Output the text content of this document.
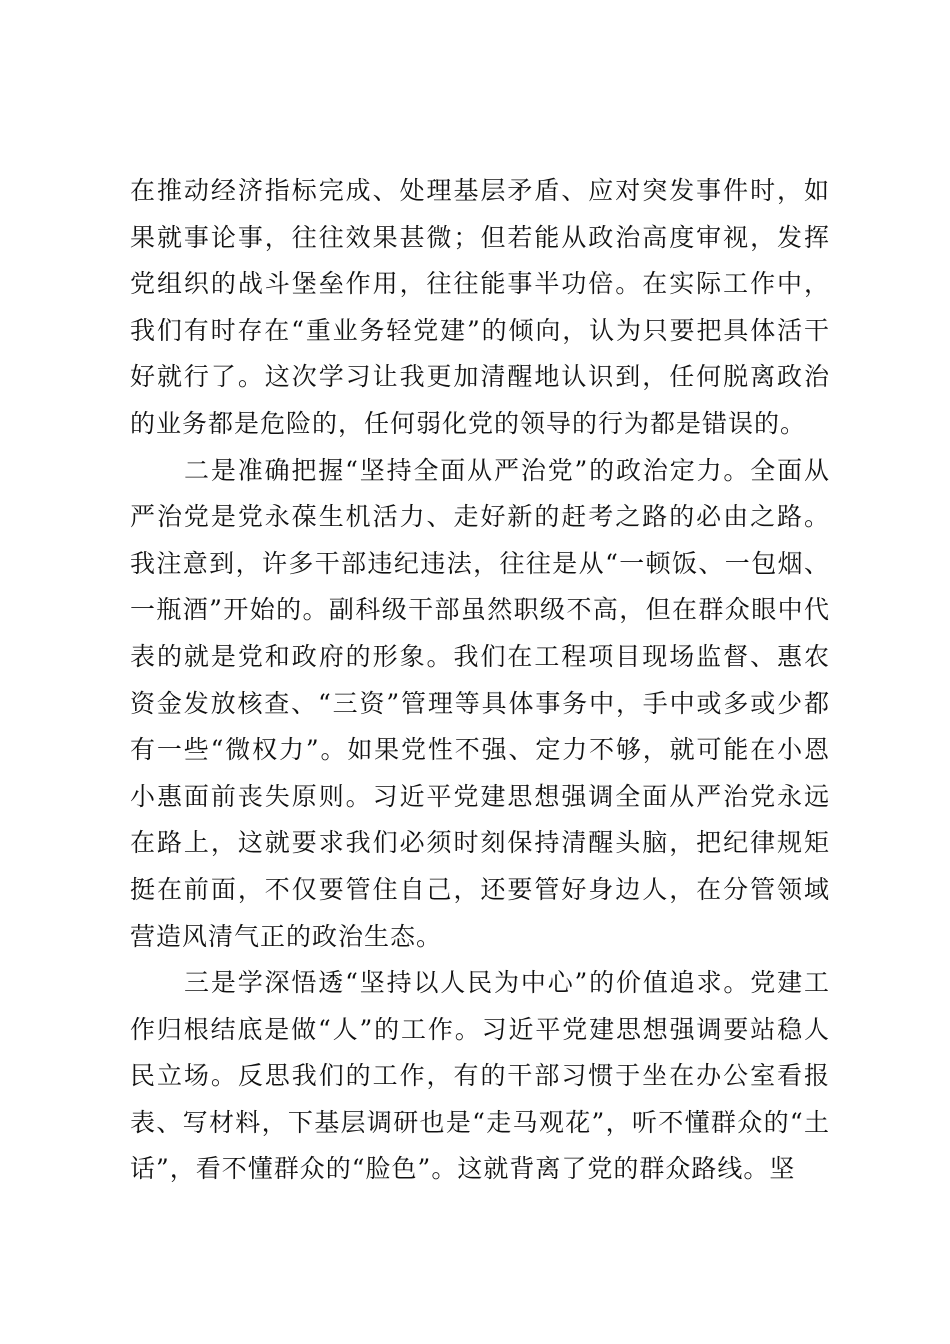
在推动经济指标完成、处理基层矛盾、应对突发事件时，如果就事论事，往往效果甚微；但若能从政治高度审视，发挥党组织的战斗堡垒作用，往往能事半功倍。在实际工作中，我们有时存在“重业务轻党建”的倾向，认为只要把具体活干好就行了。这次学习让我更加清醒地认识到，任何脱离政治的业务都是危险的，任何弱化党的领导的行为都是错误的。

二是准确把握“坚持全面从严治党”的政治定力。全面从严治党是党永葆生机活力、走好新的赶考之路的必由之路。我注意到，许多干部违纪违法，往往是从“一顿饭、一包烟、一瓶酒”开始的。副科级干部虽然职级不高，但在群众眼中代表的就是党和政府的形象。我们在工程项目现场监督、惠农资金发放核查、“三资”管理等具体事务中，手中或多或少都有一些“微权力”。如果党性不强、定力不够，就可能在小恩小惠面前丧失原则。习近平党建思想强调全面从严治党永远在路上，这就要求我们必须时刻保持清醒头脑，把纪律规矩挺在前面，不仅要管住自己，还要管好身边人，在分管领域营造风清气正的政治生态。

三是学深悟透“坚持以人民为中心”的价值追求。党建工作归根结底是做“人”的工作。习近平党建思想强调要站稳人民立场。反思我们的工作，有的干部习惯于坐在办公室看报表、写材料，下基层调研也是“走马观花”，听不懂群众的“土话”，看不懂群众的“脸色”。这就背离了党的群众路线。坚
